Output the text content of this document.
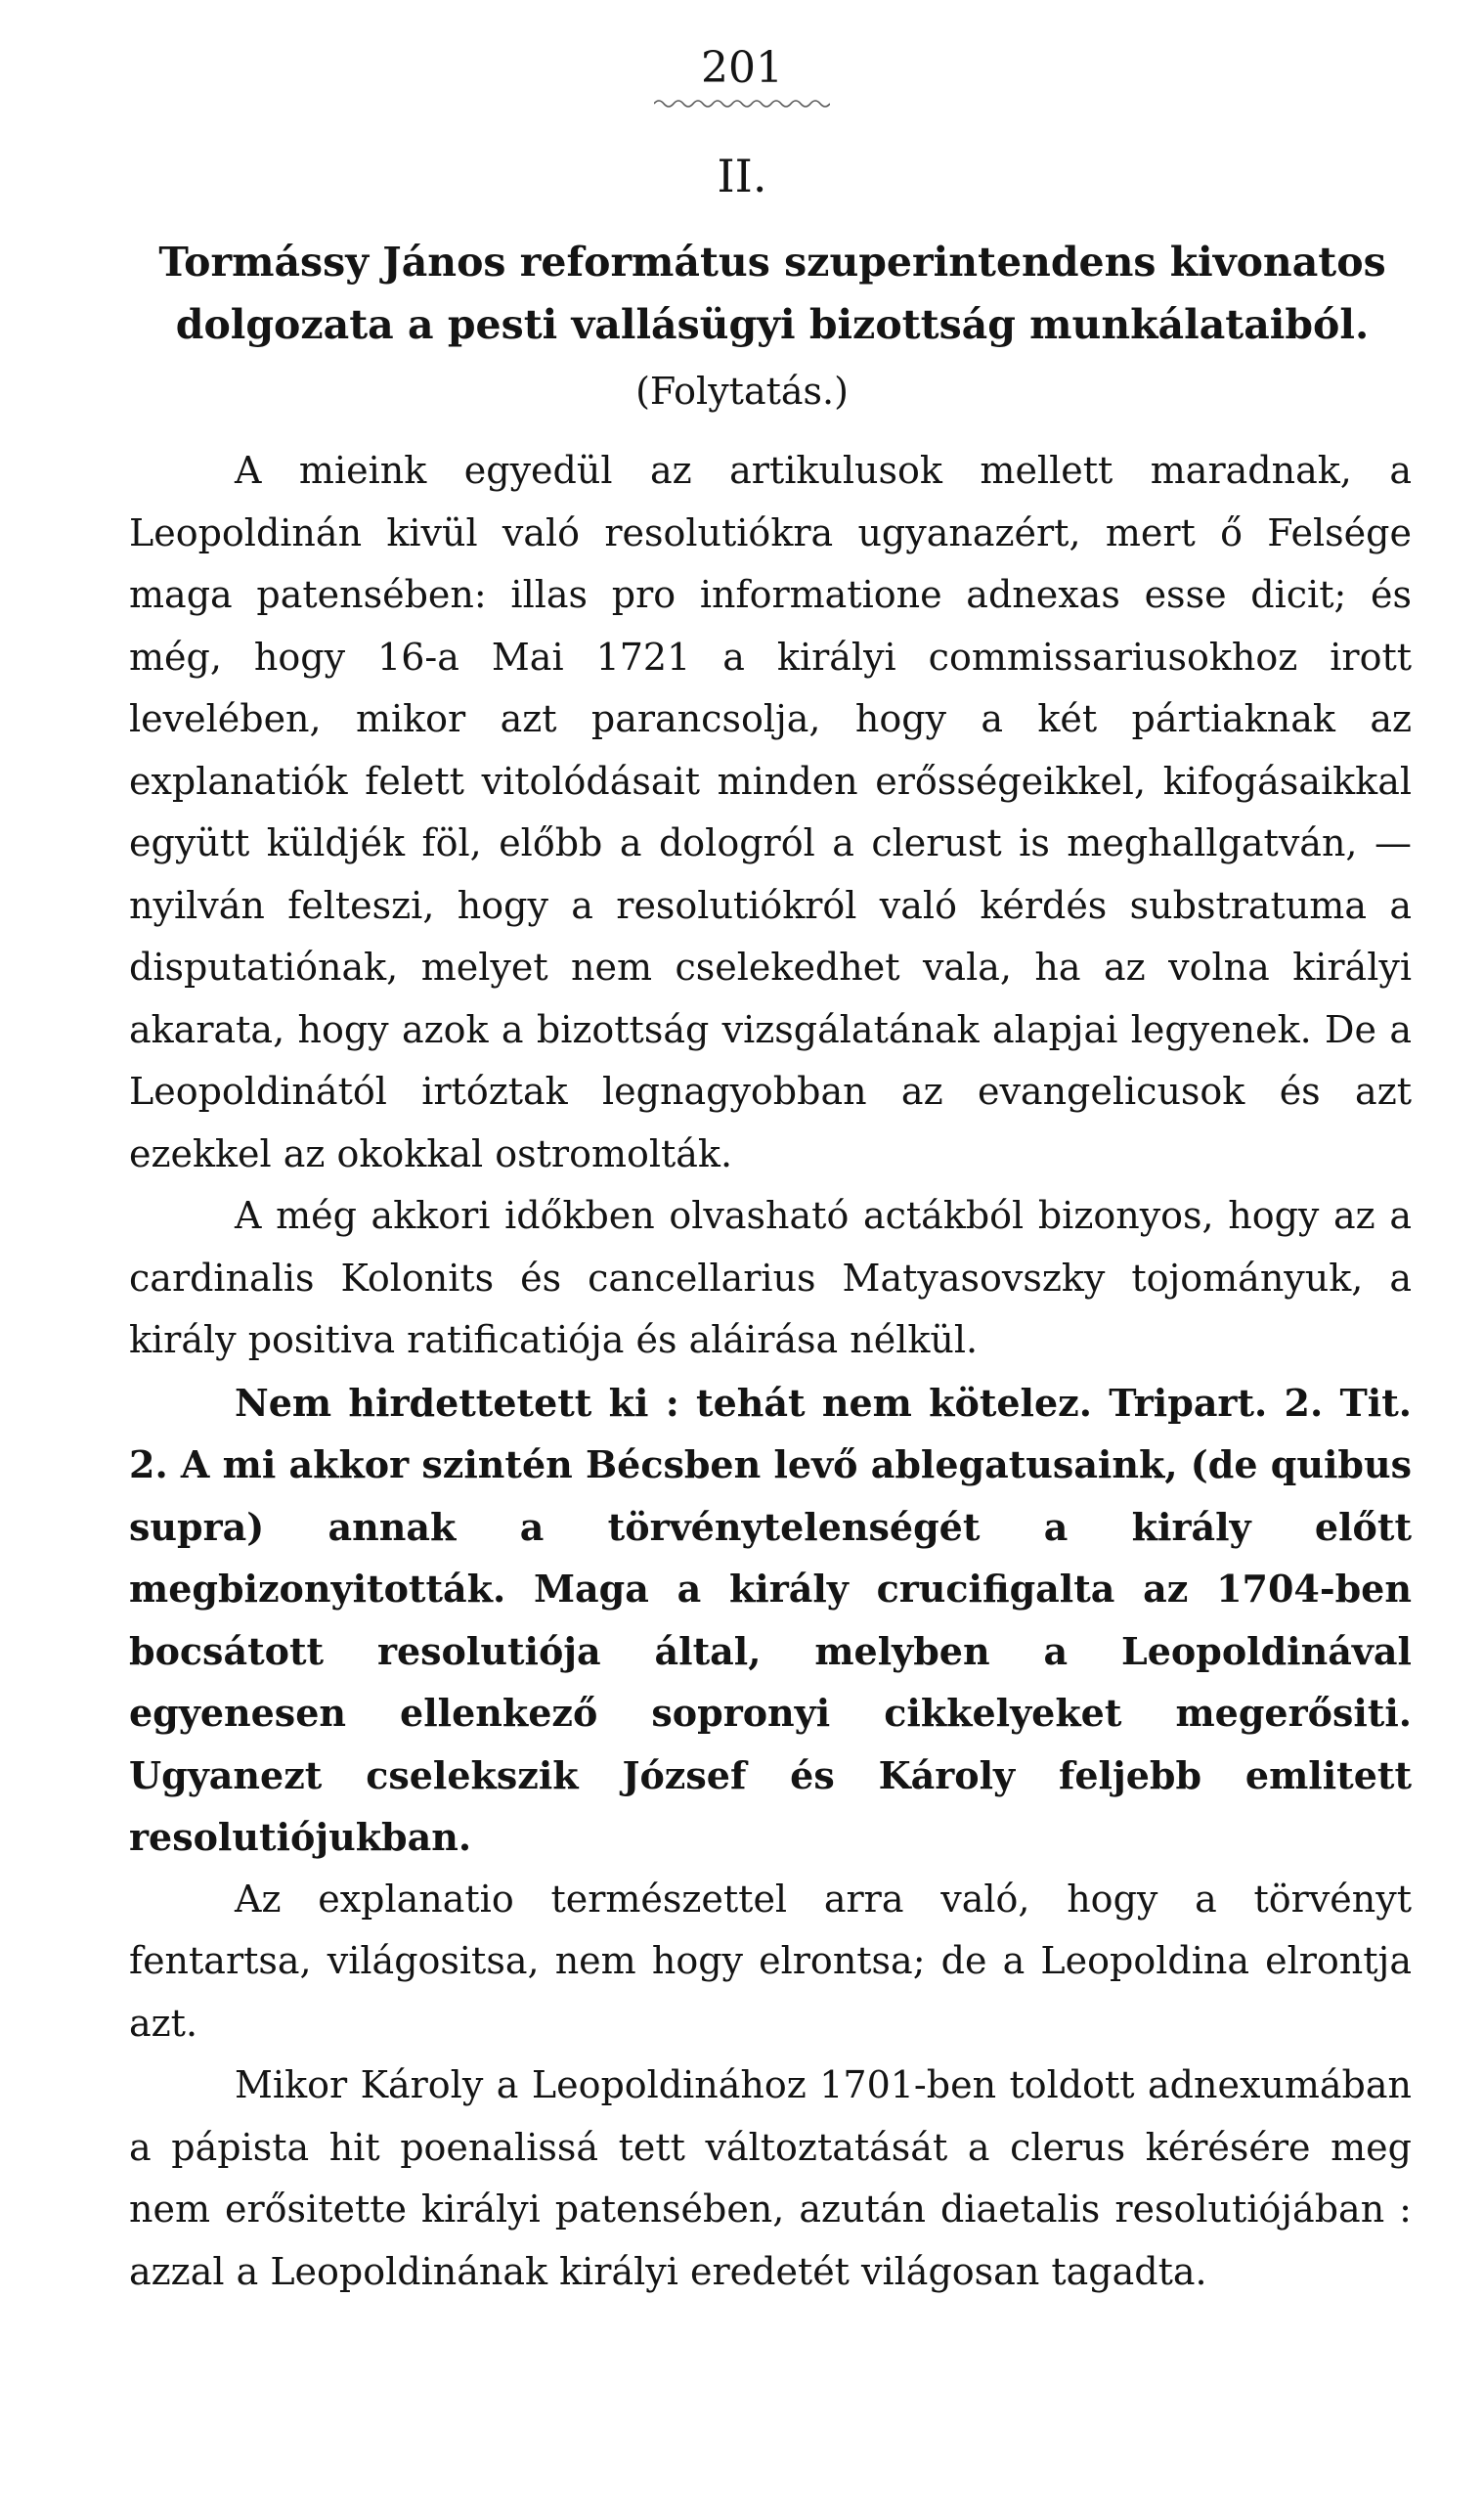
201
II.
Tormássy János református szuperintendens kivonatos dolgozata a pesti vallásügyi bizottság munkálataiból.
(Folytatás.)

A mieink egyedül az artikulusok mellett maradnak, a Leopoldinán kivül való resolutiókra ugyanazért, mert ő Felsége maga patensében: illas pro informatione adnexas esse dicit; és még, hogy 16-a Mai 1721 a királyi commissariusokhoz irott levelében, mikor azt parancsolja, hogy a két pártiaknak az explanatiók felett vitolódásait minden erősségeikkel, kifogásaikkal együtt küldjék föl, előbb a dologról a clerust is meghallgatván, — nyilván felteszi, hogy a resolutiókról való kérdés substratuma a disputatiónak, melyet nem cselekedhet vala, ha az volna királyi akarata, hogy azok a bizottság vizsgálatának alapjai legyenek. De a Leopoldinától irtóztak legnagyobban az evangelicusok és azt ezekkel az okokkal ostromolták.

A még akkori időkben olvasható actákból bizonyos, hogy az a cardinalis Kolonits és cancellarius Matyasovszky tojományuk, a király positiva ratificatiója és aláirása nélkül.

Nem hirdettetett ki : tehát nem kötelez. Tripart. 2. Tit. 2. A mi akkor szintén Bécsben levő ablegatusaink, (de quibus supra) annak a törvénytelenségét a király előtt megbizonyitották. Maga a király crucifigalta az 1704-ben bocsátott resolutiója által, melyben a Leopoldinával egyenesen ellenkező sopronyi cikkelyeket megerősiti. Ugyanezt cselekszik József és Károly feljebb emlitett resolutiójukban.

Az explanatio természettel arra való, hogy a törvényt fentartsa, világositsa, nem hogy elrontsa; de a Leopoldina elrontja azt.

Mikor Károly a Leopoldinához 1701-ben toldott adnexumában a pápista hit poenalissá tett változtatását a clerus kérésére meg nem erősitette királyi patensében, azután diaetalis resolutiójában : azzal a Leopoldinának királyi eredetét világosan tagadta.
